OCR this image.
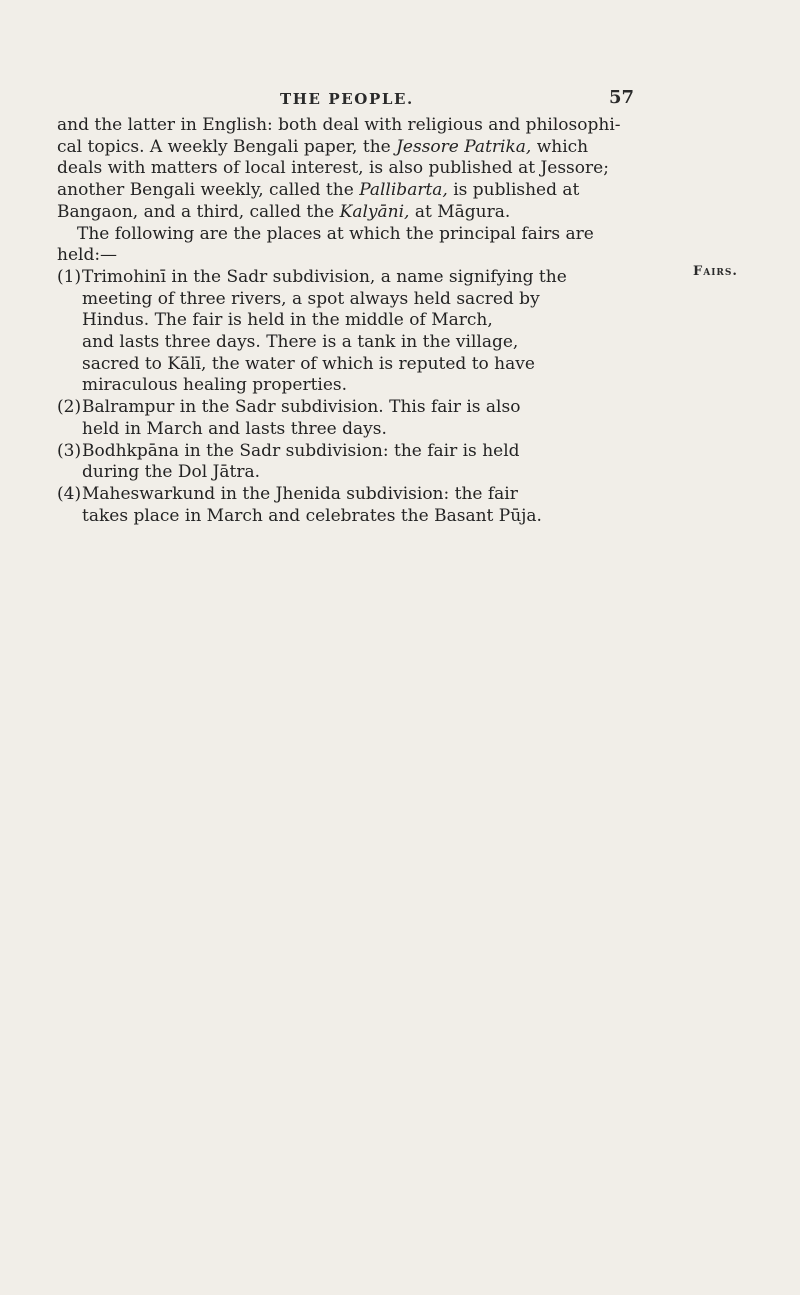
THE PEOPLE.	57
Fairs.

and the latter in English: both deal with religious and philosophi-
cal topics. A weekly Bengali paper, the Jessore Patrika, which
deals with matters of local interest, is also published at Jessore;
another Bengali weekly, called the Pallibarta, is published at
Bangaon, and a third, called the Kalyāni, at Māgura.

The following are the places at which the principal fairs are
held:—

(1) Trimohinī in the Sadr subdivision, a name signifying the
meeting of three rivers, a spot always held sacred by
Hindus. The fair is held in the middle of March,
and lasts three days. There is a tank in the village,
sacred to Kālī, the water of which is reputed to have
miraculous healing properties.
(2) Balrampur in the Sadr subdivision. This fair is also
held in March and lasts three days.
(3) Bodhkpāna in the Sadr subdivision: the fair is held
during the Dol Jātra.
(4) Maheswarkund in the Jhenida subdivision: the fair
takes place in March and celebrates the Basant Pūja.
